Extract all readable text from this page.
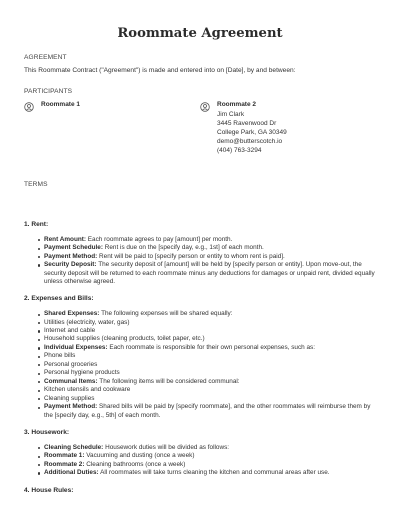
Roommate Agreement
AGREEMENT
This Roommate Contract ("Agreement") is made and entered into on [Date], by and between:
PARTICIPANTS
Roommate 1	Roommate 2
Jim Clark
3445 Ravenwood Dr
College Park, GA 30349
demo@butterscotch.io
(404) 763-3294
TERMS

1. Rent:

Rent Amount: Each roommate agrees to pay [amount] per month.
Payment Schedule: Rent is due on the [specify day, e.g., 1st] of each month.
Payment Method: Rent will be paid to [specify person or entity to whom rent is paid].
Security Deposit: The security deposit of [amount] will be held by [specify person or entity]. Upon move-out, the security deposit will be returned to each roommate minus any deductions for damages or unpaid rent, divided equally unless otherwise agreed.

2. Expenses and Bills:

Shared Expenses: The following expenses will be shared equally:
Utilities (electricity, water, gas)
Internet and cable
Household supplies (cleaning products, toilet paper, etc.)
Individual Expenses: Each roommate is responsible for their own personal expenses, such as:
Phone bills
Personal groceries
Personal hygiene products
Communal Items: The following items will be considered communal:
Kitchen utensils and cookware
Cleaning supplies
Payment Method: Shared bills will be paid by [specify roommate], and the other roommates will reimburse them by the [specify day, e.g., 5th] of each month.

3. Housework:

Cleaning Schedule: Housework duties will be divided as follows:
Roommate 1: Vacuuming and dusting (once a week)
Roommate 2: Cleaning bathrooms (once a week)
Additional Duties: All roommates will take turns cleaning the kitchen and communal areas after use.

4. House Rules:
